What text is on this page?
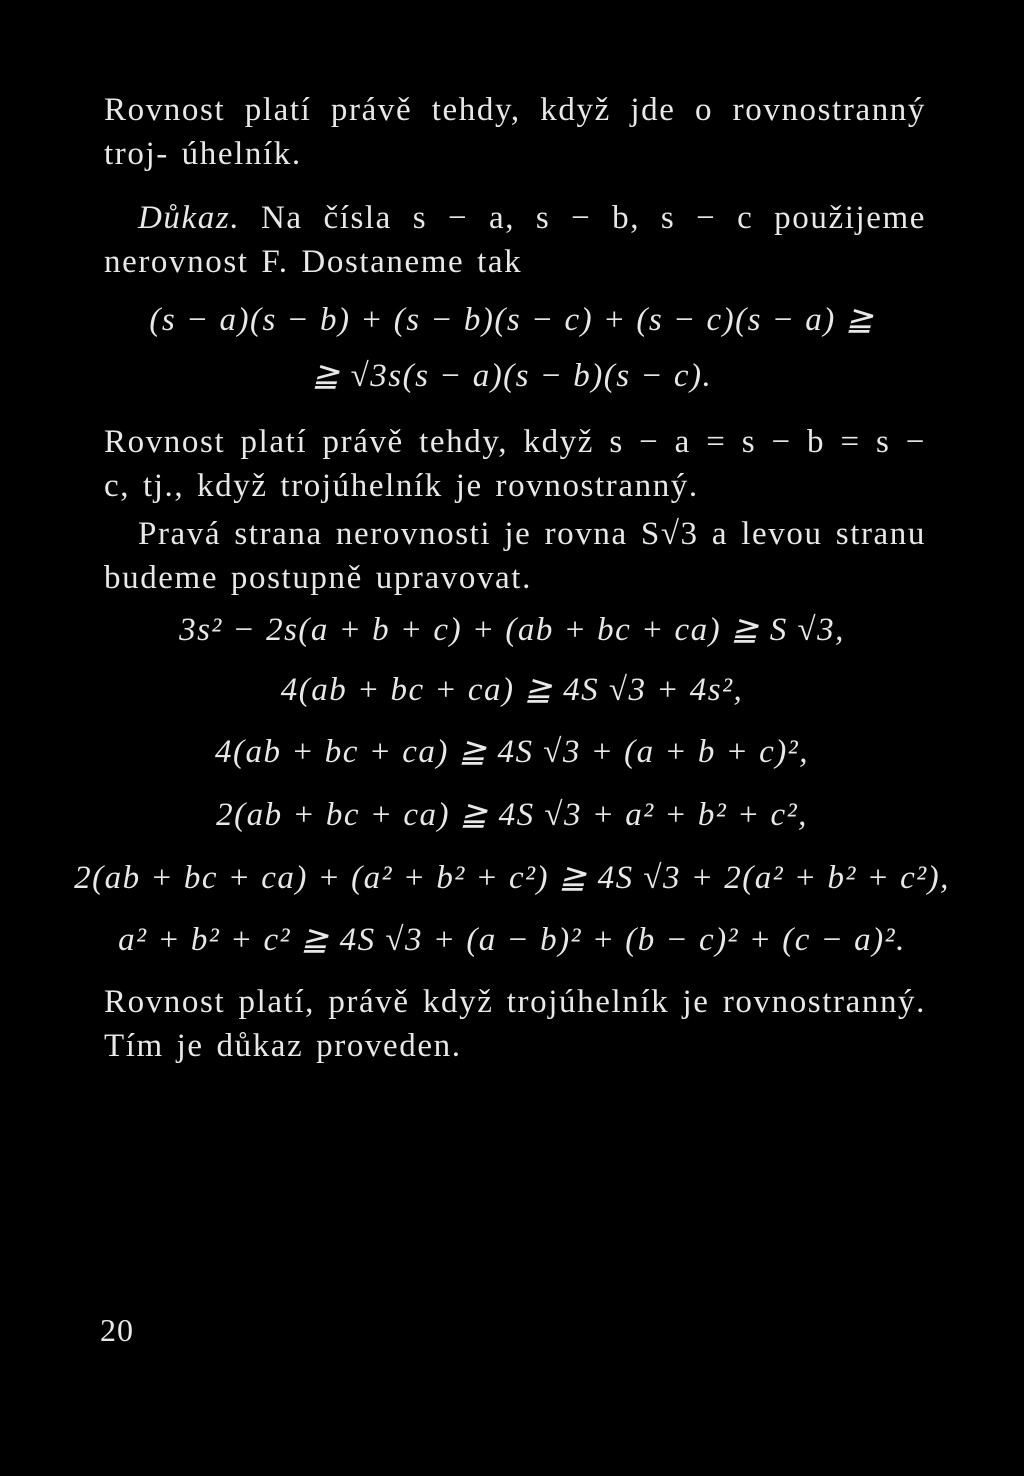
Rovnost platí právě tehdy, když jde o rovnostranný troj- úhelník.

Důkaz. Na čísla s − a, s − b, s − c použijeme nerovnost F. Dostaneme tak

(s − a)(s − b) + (s − b)(s − c) + (s − c)(s − a) ≧

≧ √3s(s − a)(s − b)(s − c).

Rovnost platí právě tehdy, když s − a = s − b = s − c, tj., když trojúhelník je rovnostranný.

Pravá strana nerovnosti je rovna S√3 a levou stranu budeme postupně upravovat.

3s² − 2s(a + b + c) + (ab + bc + ca) ≧ S √3,

4(ab + bc + ca) ≧ 4S √3 + 4s²,

4(ab + bc + ca) ≧ 4S √3 + (a + b + c)²,

2(ab + bc + ca) ≧ 4S √3 + a² + b² + c²,

2(ab + bc + ca) + (a² + b² + c²) ≧ 4S √3 + 2(a² + b² + c²),

a² + b² + c² ≧ 4S √3 + (a − b)² + (b − c)² + (c − a)².

Rovnost platí, právě když trojúhelník je rovnostranný. Tím je důkaz proveden.

20
